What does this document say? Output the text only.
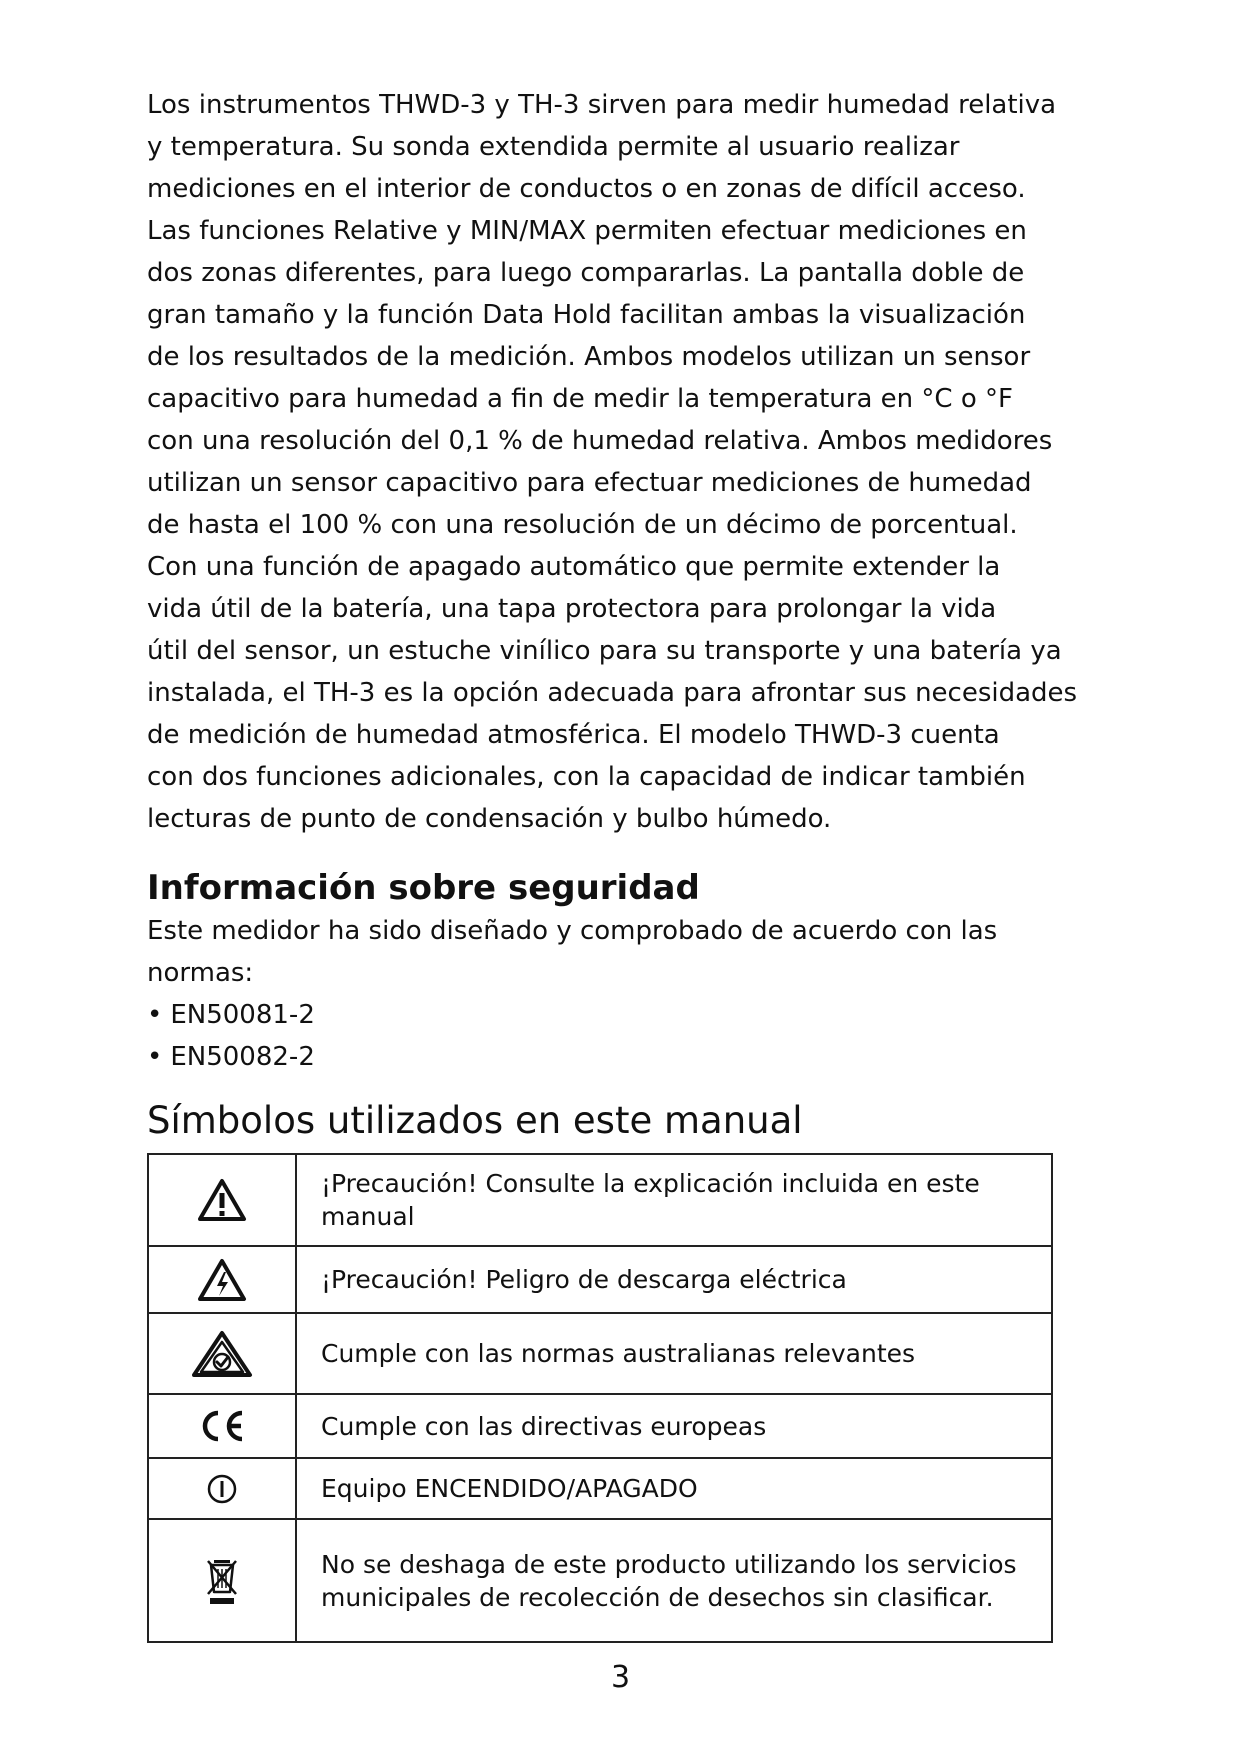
Los instrumentos THWD-3 y TH-3 sirven para medir humedad relativa
y temperatura. Su sonda extendida permite al usuario realizar
mediciones en el interior de conductos o en zonas de difícil acceso.
Las funciones Relative y MIN/MAX permiten efectuar mediciones en
dos zonas diferentes, para luego compararlas. La pantalla doble de
gran tamaño y la función Data Hold facilitan ambas la visualización
de los resultados de la medición. Ambos modelos utilizan un sensor
capacitivo para humedad a fin de medir la temperatura en °C o °F
con una resolución del 0,1 % de humedad relativa. Ambos medidores
utilizan un sensor capacitivo para efectuar mediciones de humedad
de hasta el 100 % con una resolución de un décimo de porcentual.
Con una función de apagado automático que permite extender la
vida útil de la batería, una tapa protectora para prolongar la vida
útil del sensor, un estuche vinílico para su transporte y una batería ya
instalada, el TH-3 es la opción adecuada para afrontar sus necesidades
de medición de humedad atmosférica. El modelo THWD-3 cuenta
con dos funciones adicionales, con la capacidad de indicar también
lecturas de punto de condensación y bulbo húmedo.

Información sobre seguridad

Este medidor ha sido diseñado y comprobado de acuerdo con las
normas:

• EN50081-2
• EN50082-2
Símbolos utilizados en este manual
	¡Precaución! Consulte la explicación incluida en este manual
	¡Precaución! Peligro de descarga eléctrica
	Cumple con las normas australianas relevantes
	Cumple con las directivas europeas
	Equipo ENCENDIDO/APAGADO
	No se deshaga de este producto utilizando los servicios municipales de recolección de desechos sin clasificar.

3
